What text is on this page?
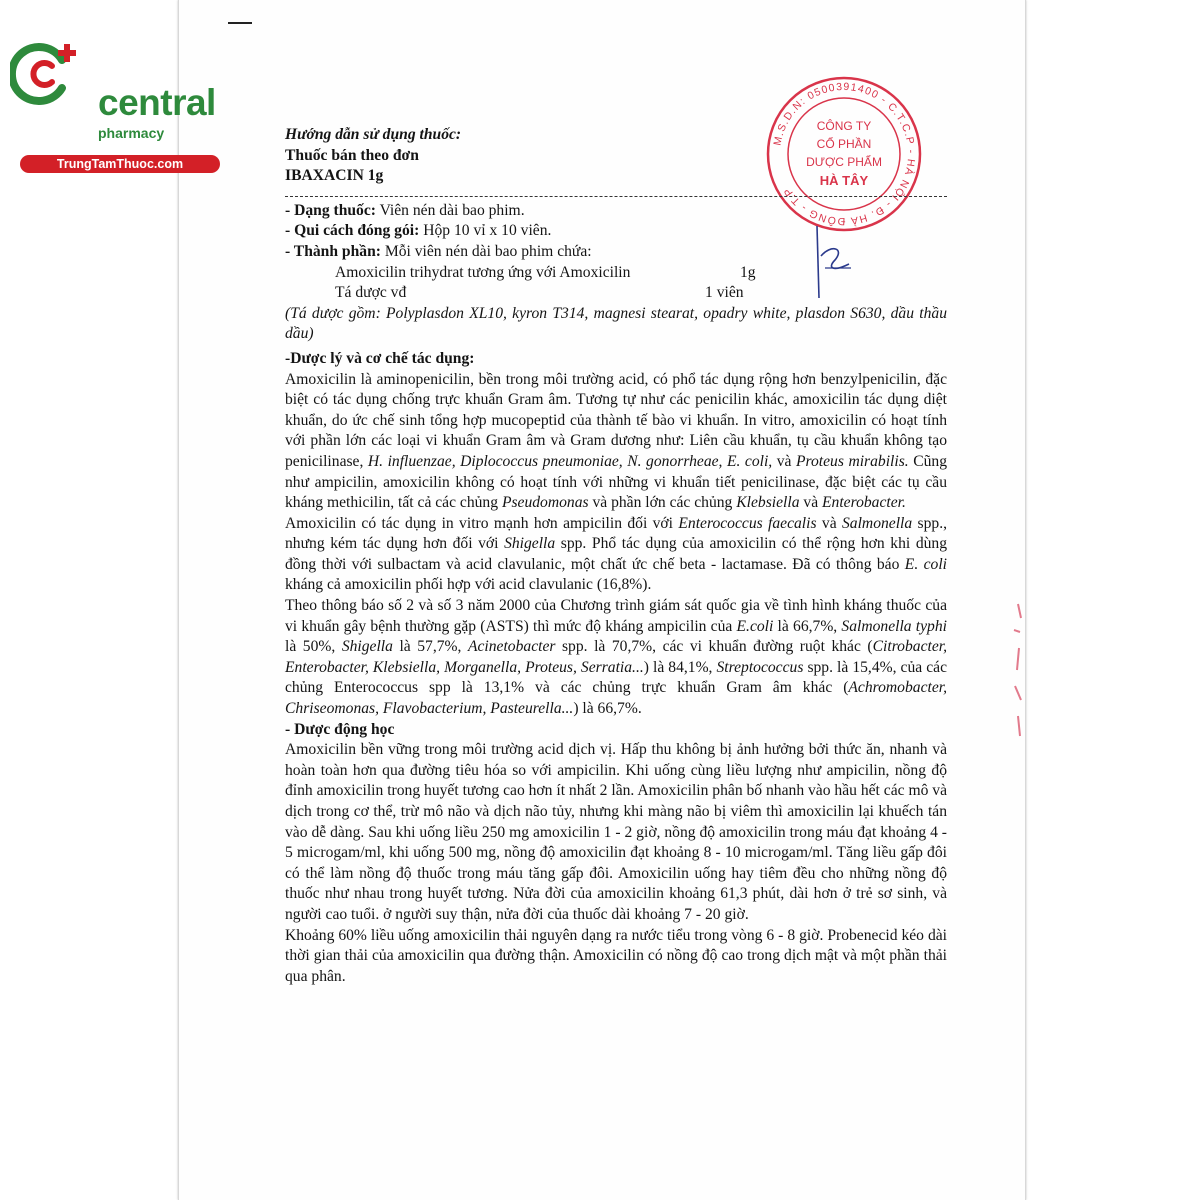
central
pharmacy
TrungTamThuoc.com
M.S.D.N: 0500391400 - C.T.C.P - HÀ NỘI - Đ. HÀ ĐÔNG - T.P
CÔNG TY
CỔ PHẦN
DƯỢC PHẨM
HÀ TÂY

Hướng dẫn sử dụng thuốc:

Thuốc bán theo đơn

IBAXACIN 1g

- Dạng thuốc: Viên nén dài bao phim.

- Qui cách đóng gói: Hộp 10 vỉ x 10 viên.

- Thành phần: Mỗi viên nén dài bao phim chứa:

Amoxicilin trihydrat tương ứng với Amoxicilin	1g

Tá dược vđ	1 viên

(Tá dược gồm: Polyplasdon XL10, kyron T314, magnesi stearat, opadry white, plasdon S630, dầu thầu dầu)

-Dược lý và cơ chế tác dụng:

Amoxicilin là aminopenicilin, bền trong môi trường acid, có phổ tác dụng rộng hơn benzylpenicilin, đặc biệt có tác dụng chống trực khuẩn Gram âm. Tương tự như các penicilin khác, amoxicilin tác dụng diệt khuẩn, do ức chế sinh tổng hợp mucopeptid của thành tế bào vi khuẩn. In vitro, amoxicilin có hoạt tính với phần lớn các loại vi khuẩn Gram âm và Gram dương như: Liên cầu khuẩn, tụ cầu khuẩn không tạo penicilinase, H. influenzae, Diplococcus pneumoniae, N. gonorrheae, E. coli, và Proteus mirabilis. Cũng như ampicilin, amoxicilin không có hoạt tính với những vi khuẩn tiết penicilinase, đặc biệt các tụ cầu kháng methicilin, tất cả các chủng Pseudomonas và phần lớn các chủng Klebsiella và Enterobacter.

Amoxicilin có tác dụng in vitro mạnh hơn ampicilin đối với Enterococcus faecalis và Salmonella spp., nhưng kém tác dụng hơn đối với Shigella spp. Phổ tác dụng của amoxicilin có thể rộng hơn khi dùng đồng thời với sulbactam và acid clavulanic, một chất ức chế beta - lactamase. Đã có thông báo E. coli kháng cả amoxicilin phối hợp với acid clavulanic (16,8%).

Theo thông báo số 2 và số 3 năm 2000 của Chương trình giám sát quốc gia về tình hình kháng thuốc của vi khuẩn gây bệnh thường gặp (ASTS) thì mức độ kháng ampicilin của E.coli là 66,7%, Salmonella typhi là 50%, Shigella là 57,7%, Acinetobacter spp. là 70,7%, các vi khuẩn đường ruột khác (Citrobacter, Enterobacter, Klebsiella, Morganella, Proteus, Serratia...) là 84,1%, Streptococcus spp. là 15,4%, của các chủng Enterococcus spp là 13,1% và các chủng trực khuẩn Gram âm khác (Achromobacter, Chriseomonas, Flavobacterium, Pasteurella...) là 66,7%.

- Dược động học

Amoxicilin bền vững trong môi trường acid dịch vị. Hấp thu không bị ảnh hưởng bởi thức ăn, nhanh và hoàn toàn hơn qua đường tiêu hóa so với ampicilin. Khi uống cùng liều lượng như ampicilin, nồng độ đỉnh amoxicilin trong huyết tương cao hơn ít nhất 2 lần. Amoxicilin phân bố nhanh vào hầu hết các mô và dịch trong cơ thể, trừ mô não và dịch não tủy, nhưng khi màng não bị viêm thì amoxicilin lại khuếch tán vào dễ dàng. Sau khi uống liều 250 mg amoxicilin 1 - 2 giờ, nồng độ amoxicilin trong máu đạt khoảng 4 - 5 microgam/ml, khi uống 500 mg, nồng độ amoxicilin đạt khoảng 8 - 10 microgam/ml. Tăng liều gấp đôi có thể làm nồng độ thuốc trong máu tăng gấp đôi. Amoxicilin uống hay tiêm đều cho những nồng độ thuốc như nhau trong huyết tương. Nửa đời của amoxicilin khoảng 61,3 phút, dài hơn ở trẻ sơ sinh, và người cao tuổi. ở người suy thận, nửa đời của thuốc dài khoảng 7 - 20 giờ.

Khoảng 60% liều uống amoxicilin thải nguyên dạng ra nước tiểu trong vòng 6 - 8 giờ. Probenecid kéo dài thời gian thải của amoxicilin qua đường thận. Amoxicilin có nồng độ cao trong dịch mật và một phần thải qua phân.
